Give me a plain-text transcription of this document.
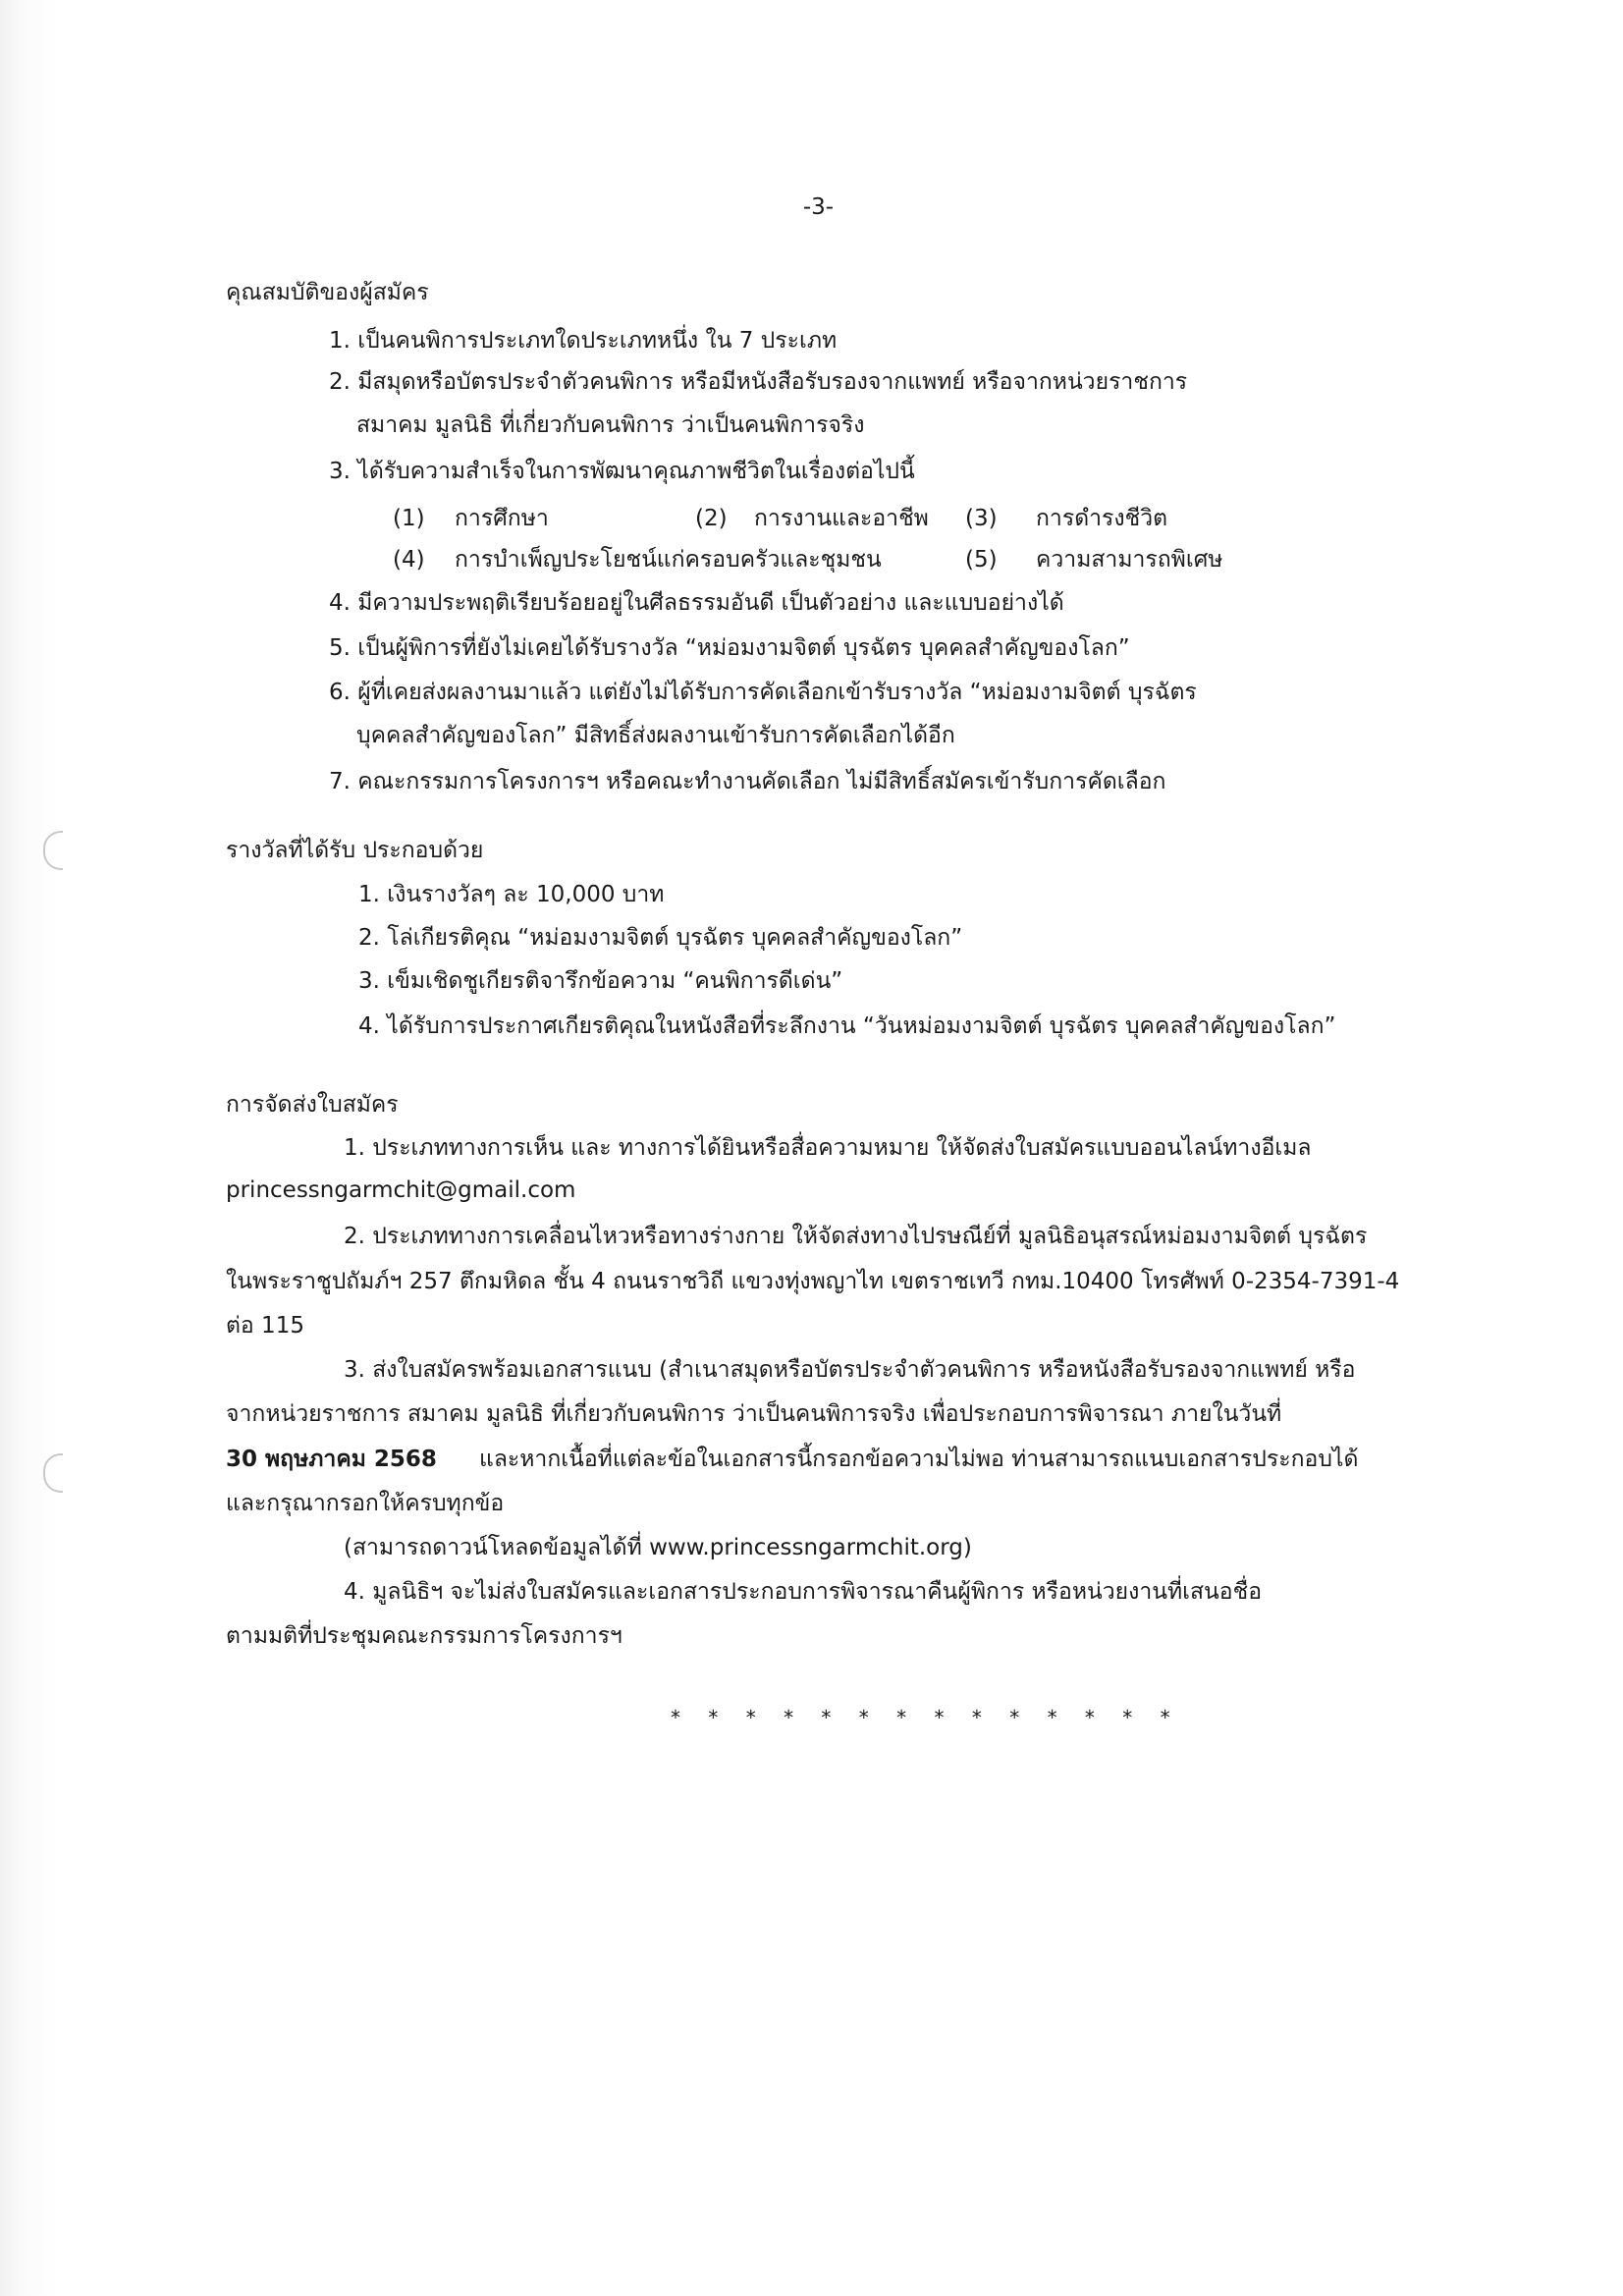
-3-
คุณสมบัติของผู้สมัคร
1. เป็นคนพิการประเภทใดประเภทหนึ่ง ใน 7 ประเภท
2. มีสมุดหรือบัตรประจำตัวคนพิการ หรือมีหนังสือรับรองจากแพทย์ หรือจากหน่วยราชการ
สมาคม มูลนิธิ ที่เกี่ยวกับคนพิการ ว่าเป็นคนพิการจริง
3. ได้รับความสำเร็จในการพัฒนาคุณภาพชีวิตในเรื่องต่อไปนี้
(1) การศึกษา	(2) การงานและอาชีพ (3) การดำรงชีวิต
(4) การบำเพ็ญประโยชน์แก่ครอบครัวและชุมชน	(5) ความสามารถพิเศษ
4. มีความประพฤติเรียบร้อยอยู่ในศีลธรรมอันดี เป็นตัวอย่าง และแบบอย่างได้
5. เป็นผู้พิการที่ยังไม่เคยได้รับรางวัล “หม่อมงามจิตต์ บุรฉัตร บุคคลสำคัญของโลก”
6. ผู้ที่เคยส่งผลงานมาแล้ว แต่ยังไม่ได้รับการคัดเลือกเข้ารับรางวัล “หม่อมงามจิตต์ บุรฉัตร
บุคคลสำคัญของโลก” มีสิทธิ์ส่งผลงานเข้ารับการคัดเลือกได้อีก
7. คณะกรรมการโครงการฯ หรือคณะทำงานคัดเลือก ไม่มีสิทธิ์สมัครเข้ารับการคัดเลือก
รางวัลที่ได้รับ ประกอบด้วย
1. เงินรางวัลๆ ละ 10,000 บาท
2. โล่เกียรติคุณ “หม่อมงามจิตต์ บุรฉัตร บุคคลสำคัญของโลก”
3. เข็มเชิดชูเกียรติจารึกข้อความ “คนพิการดีเด่น”
4. ได้รับการประกาศเกียรติคุณในหนังสือที่ระลึกงาน “วันหม่อมงามจิตต์ บุรฉัตร บุคคลสำคัญของโลก”
การจัดส่งใบสมัคร
1. ประเภททางการเห็น และ ทางการได้ยินหรือสื่อความหมาย ให้จัดส่งใบสมัครแบบออนไลน์ทางอีเมล
princessngarmchit@gmail.com
2. ประเภททางการเคลื่อนไหวหรือทางร่างกาย ให้จัดส่งทางไปรษณีย์ที่ มูลนิธิอนุสรณ์หม่อมงามจิตต์ บุรฉัตร
ในพระราชูปถัมภ์ฯ 257 ตึกมหิดล ชั้น 4 ถนนราชวิถี แขวงทุ่งพญาไท เขตราชเทวี กทม.10400 โทรศัพท์ 0-2354-7391-4
ต่อ 115
3. ส่งใบสมัครพร้อมเอกสารแนบ (สำเนาสมุดหรือบัตรประจำตัวคนพิการ หรือหนังสือรับรองจากแพทย์ หรือ
จากหน่วยราชการ สมาคม มูลนิธิ ที่เกี่ยวกับคนพิการ ว่าเป็นคนพิการจริง เพื่อประกอบการพิจารณา ภายในวันที่
30 พฤษภาคม 2568 และหากเนื้อที่แต่ละข้อในเอกสารนี้กรอกข้อความไม่พอ ท่านสามารถแนบเอกสารประกอบได้
และกรุณากรอกให้ครบทุกข้อ
(สามารถดาวน์โหลดข้อมูลได้ที่ www.princessngarmchit.org)
4. มูลนิธิฯ จะไม่ส่งใบสมัครและเอกสารประกอบการพิจารณาคืนผู้พิการ หรือหน่วยงานที่เสนอชื่อ
ตามมติที่ประชุมคณะกรรมการโครงการฯ
* * * * * * * * * * * * * *
